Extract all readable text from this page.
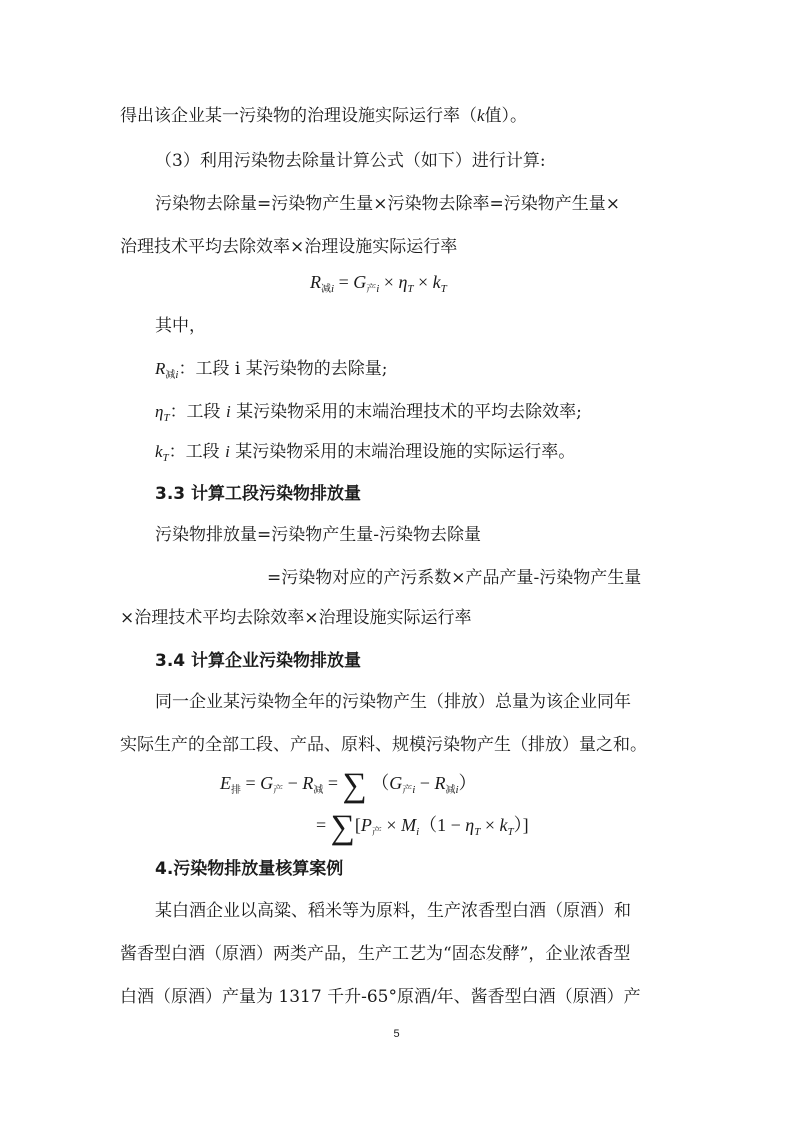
得出该企业某一污染物的治理设施实际运行率（k值）。
（3）利用污染物去除量计算公式（如下）进行计算:
污染物去除量=污染物产生量×污染物去除率=污染物产生量×
治理技术平均去除效率×治理设施实际运行率
$R_{减i} = G_{产i} \times \eta_T \times k_T$
其中，
$R_{减i}$：工段 i 某污染物的去除量;
$\eta_T$：工段 i 某污染物采用的末端治理技术的平均去除效率;
$k_T$：工段 i 某污染物采用的末端治理设施的实际运行率。
3.3 计算工段污染物排放量
污染物排放量=污染物产生量-污染物去除量
=污染物对应的产污系数×产品产量-污染物产生量
×治理技术平均去除效率×治理设施实际运行率
3.4 计算企业污染物排放量
同一企业某污染物全年的污染物产生（排放）总量为该企业同年
实际生产的全部工段、产品、原料、规模污染物产生（排放）量之和。
$E_排 = G_产 - R_减$ = ∑ $(G_{产i} - R_{减i})$
= $\sum[P_产 \times M_i(1 - \eta_T \times k_T)]$
4.污染物排放量核算案例
某白酒企业以高粱、稻米等为原料，生产浓香型白酒（原酒）和
酱香型白酒（原酒）两类产品，生产工艺为“固态发酵”，企业浓香型
白酒（原酒）产量为 1317 千升-65°原酒/年、酱香型白酒（原酒）产
5
